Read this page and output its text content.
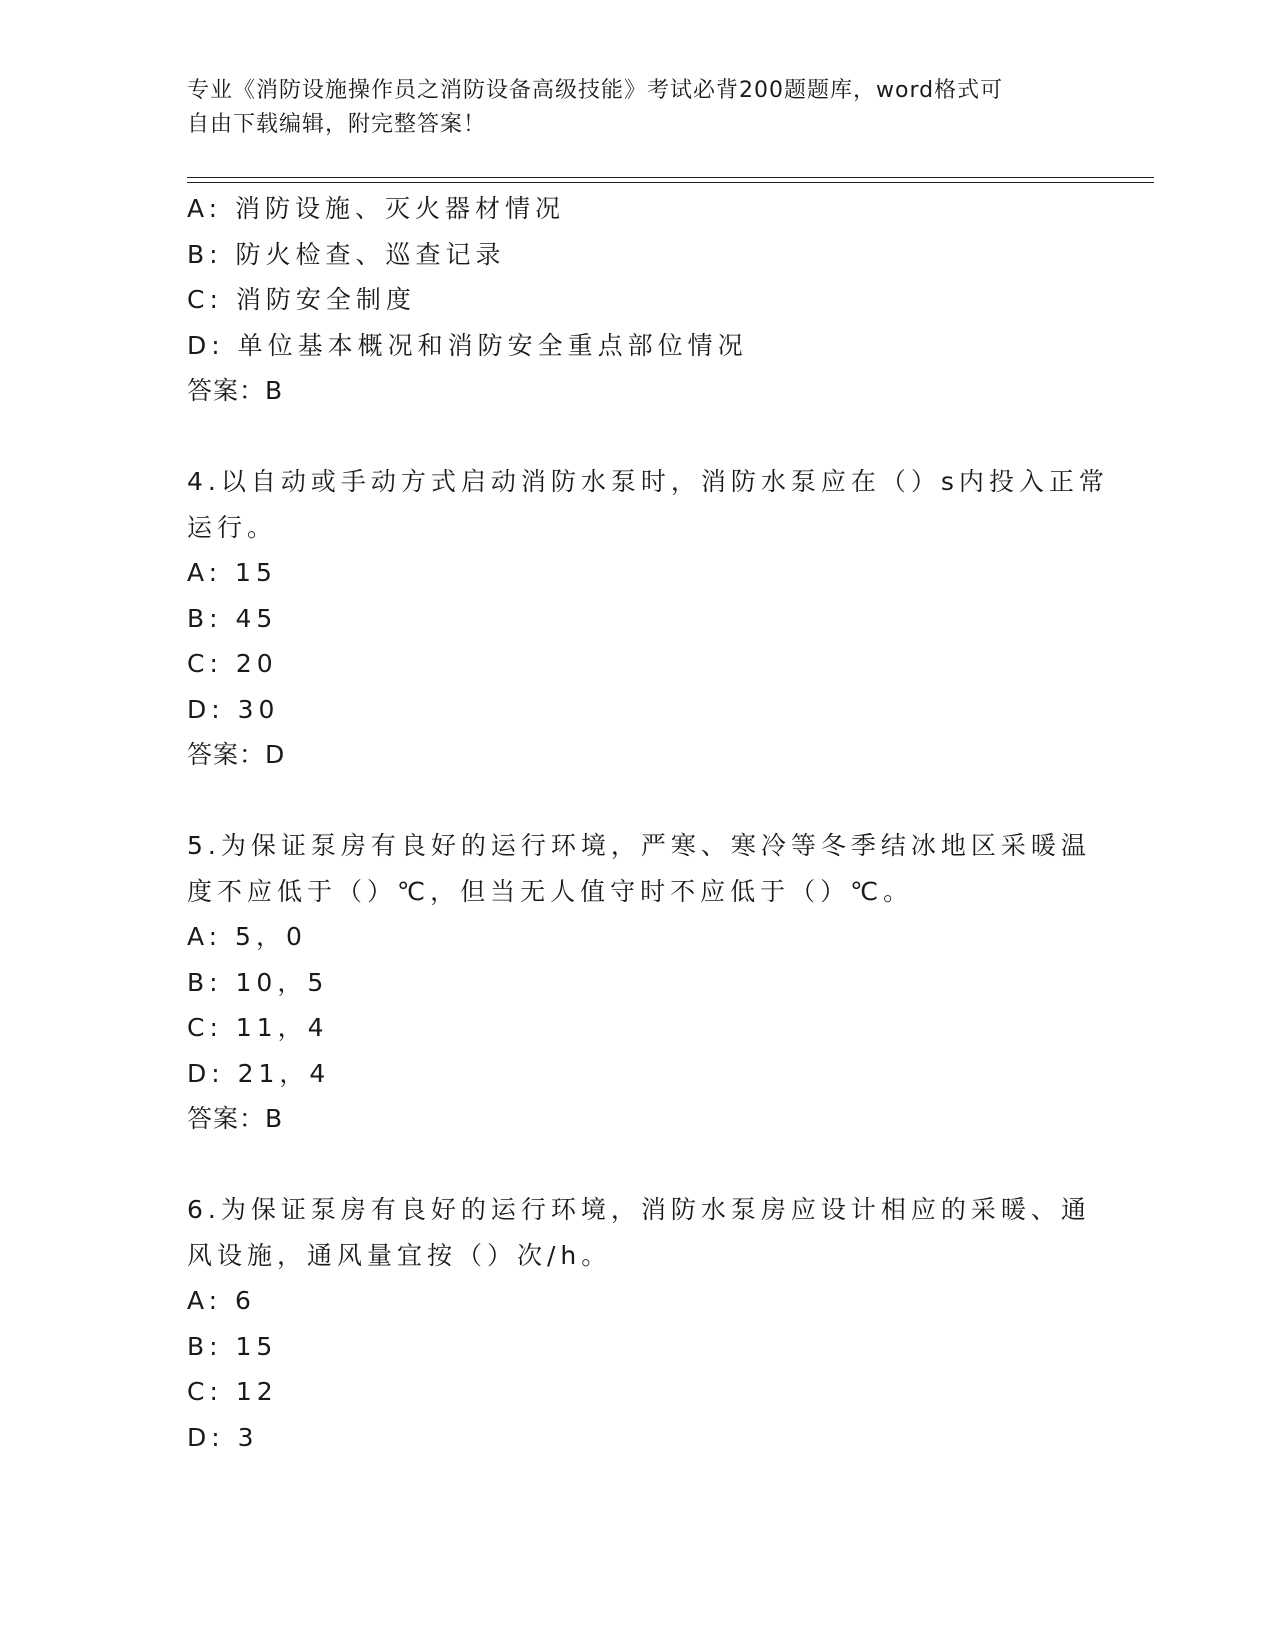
专业《消防设施操作员之消防设备高级技能》考试必背200题题库，word格式可
自由下载编辑，附完整答案！
A: 消防设施、灭火器材情况
B: 防火检查、巡查记录
C: 消防安全制度
D: 单位基本概况和消防安全重点部位情况
答案：B
4.以自动或手动方式启动消防水泵时，消防水泵应在（）s内投入正常
运行。
A: 15
B: 45
C: 20
D: 30
答案：D
5.为保证泵房有良好的运行环境，严寒、寒冷等冬季结冰地区采暖温
度不应低于（）℃，但当无人值守时不应低于（）℃。
A: 5，0
B: 10，5
C: 11，4
D: 21，4
答案：B
6.为保证泵房有良好的运行环境，消防水泵房应设计相应的采暖、通
风设施，通风量宜按（）次/h。
A: 6
B: 15
C: 12
D: 3
